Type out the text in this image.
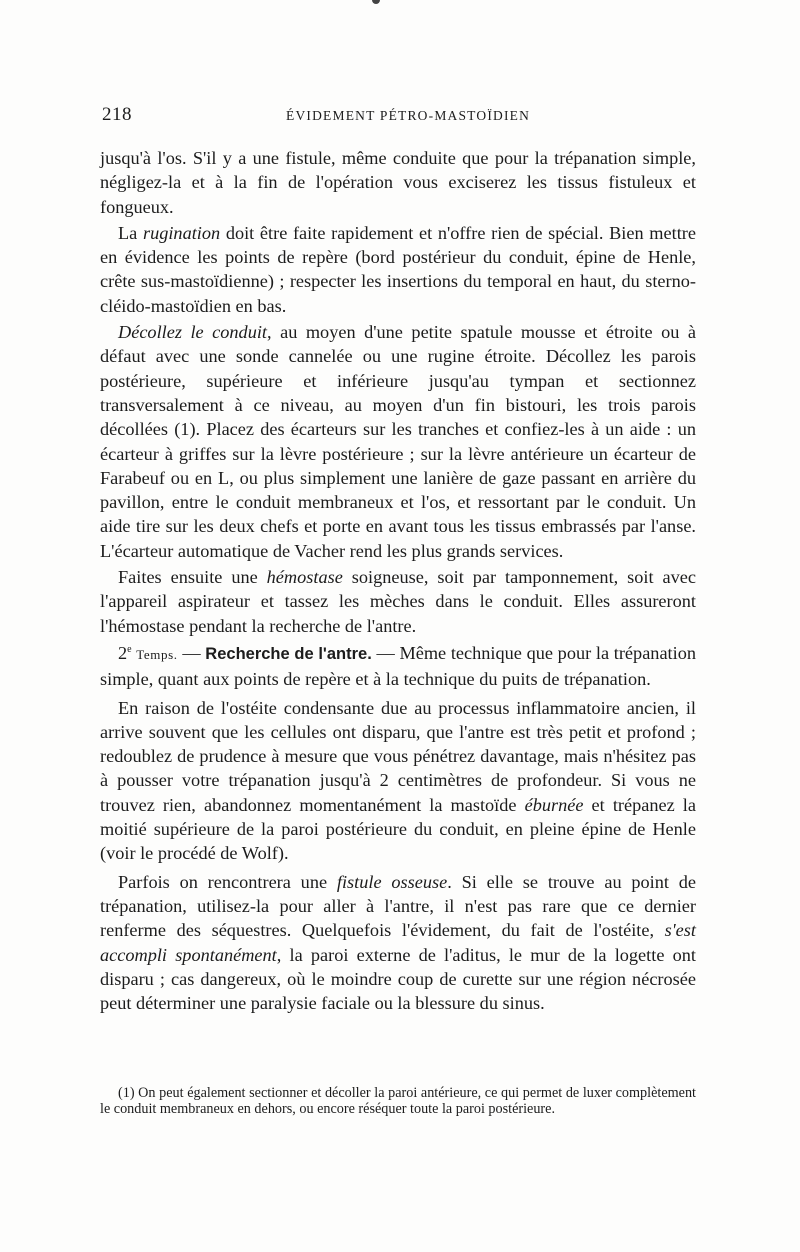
218	ÉVIDEMENT PÉTRO-MASTOÏDIEN

jusqu'à l'os. S'il y a une fistule, même conduite que pour la trépanation simple, négligez-la et à la fin de l'opération vous exciserez les tissus fistuleux et fongueux.

La rugination doit être faite rapidement et n'offre rien de spécial. Bien mettre en évidence les points de repère (bord postérieur du conduit, épine de Henle, crête sus-mastoïdienne) ; respecter les insertions du temporal en haut, du sterno-cléido-mastoïdien en bas.

Décollez le conduit, au moyen d'une petite spatule mousse et étroite ou à défaut avec une sonde cannelée ou une rugine étroite. Décollez les parois postérieure, supérieure et inférieure jusqu'au tympan et sectionnez transversalement à ce niveau, au moyen d'un fin bistouri, les trois parois décollées (1). Placez des écarteurs sur les tranches et confiez-les à un aide : un écarteur à griffes sur la lèvre postérieure ; sur la lèvre antérieure un écarteur de Farabeuf ou en L, ou plus simplement une lanière de gaze passant en arrière du pavillon, entre le conduit membraneux et l'os, et ressortant par le conduit. Un aide tire sur les deux chefs et porte en avant tous les tissus embrassés par l'anse. L'écarteur automatique de Vacher rend les plus grands services.

Faites ensuite une hémostase soigneuse, soit par tamponnement, soit avec l'appareil aspirateur et tassez les mèches dans le conduit. Elles assureront l'hémostase pendant la recherche de l'antre.

2e Temps. — Recherche de l'antre. — Même technique que pour la trépanation simple, quant aux points de repère et à la technique du puits de trépanation.

En raison de l'ostéite condensante due au processus inflammatoire ancien, il arrive souvent que les cellules ont disparu, que l'antre est très petit et profond ; redoublez de prudence à mesure que vous pénétrez davantage, mais n'hésitez pas à pousser votre trépanation jusqu'à 2 centimètres de profondeur. Si vous ne trouvez rien, abandonnez momentanément la mastoïde éburnée et trépanez la moitié supérieure de la paroi postérieure du conduit, en pleine épine de Henle (voir le procédé de Wolf).

Parfois on rencontrera une fistule osseuse. Si elle se trouve au point de trépanation, utilisez-la pour aller à l'antre, il n'est pas rare que ce dernier renferme des séquestres. Quelquefois l'évidement, du fait de l'ostéite, s'est accompli spontanément, la paroi externe de l'aditus, le mur de la logette ont disparu ; cas dangereux, où le moindre coup de curette sur une région nécrosée peut déterminer une paralysie faciale ou la blessure du sinus.

(1) On peut également sectionner et décoller la paroi antérieure, ce qui permet de luxer complètement le conduit membraneux en dehors, ou encore réséquer toute la paroi postérieure.
